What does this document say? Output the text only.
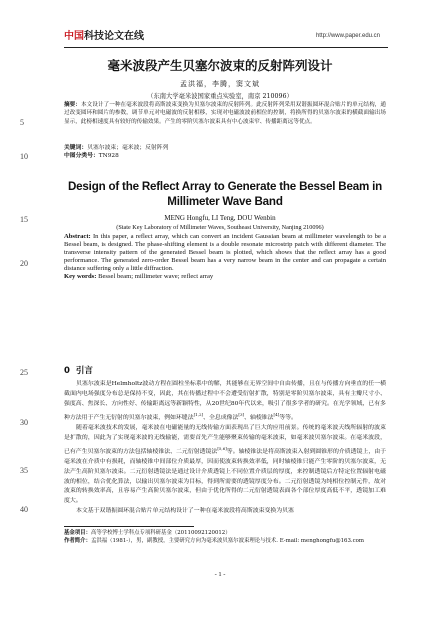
中国科技论文在线	http://www.paper.edu.cn
5
10
15
20
25
30
35
40
毫米波段产生贝塞尔波束的反射阵列设计
孟洪福，李腾，窦文斌
（东南大学毫米波国家重点实验室，南京 210096）
摘要：本文设计了一种在毫米波段将高斯波束变换为贝塞尔波束的反射阵列。此反射阵列采用双谐振圆环混合贴片的单元结构，通过改变圆环和圆片的参数，调节单元对电磁波的反射相移，实现对电磁波波前相位的控制，将换所得的贝塞尔波束的横截面输出场显示，此榜相速度具有较好的传输效果。产生的零阶贝塞尔波束具有中心波束窄、传播距离远等优点。
关键词：贝塞尔波束；毫米波；反射阵列
中图分类号：TN928
Design of the Reflect Array to Generate the Bessel Beam in
Millimeter Wave Band
MENG Hongfu, LI Teng, DOU Wenbin
(State Key Laboratory of Millimeter Waves, Southeast University, Nanjing 210096)
Abstract: In this paper, a reflect array, which can convert an incident Gaussian beam at millimeter wavelength to be a Bessel beam, is designed. The phase-shifting element is a double resonate microstrip patch with different diameter. The transverse intensity pattern of the generated Bessel beam is plotted, which shows that the reflect array has a good performance. The generated zero-order Bessel beam has a very narrow beam in the center and can propagate a certain distance suffering only a little diffraction.
Key words: Bessel beam; millimeter wave; reflect array
0 引言

贝塞尔波束是Helmholtz波动方程在圆柱坐标系中的解，其能够在无界空间中自由传播，且在与传播方向垂直的任一横截面内电场强度分布总是保持不变，因此，其在传播过程中不会遭受衍射扩散，特别是零阶贝塞尔波束，具有主瓣尺寸小、强度高、焦深长、方向性好、传输距离远等新颖特性，从20世纪80年代以来，吸引了很多学者的研究。在光学领域，已有多种方法用于产生无衍射的贝塞尔波束，例如环缝法[1,2]、全息成像法[3]、轴棱锥法[4]等等。

随着毫米波技术的发展，毫米波在电磁能量的无线传输方面表现出了巨大的应用前景。传统的毫米波天线所辐射的波束是扩散的，因此为了实现毫米波的无线输能，需要首先产生能够聚束传输的毫米波束，如毫米波贝塞尔波束。在毫米波段，已有产生贝塞尔波束的方法包括轴棱锥法、二元衍射透镜法[5,6]等。轴棱锥法是将高斯波束入射到圆锥形的介质透镜上，由于毫米波在介质中有损耗，而轴棱锥中间部位介质最厚，因而使波束转换效率低，同时轴棱锥只能产生零阶的贝塞尔波束，无法产生高阶贝塞尔波束。二元衍射透镜法是通过设计介质透镜上不同位置介质层的厚度，来控制透镜后方特定位置辐射电磁波的相位，结合优化算法，以输出贝塞尔波束为目标，得到所需要的透镜厚度分布。二元衍射透镜为纯相位控制元件，故对波束的转换效率高，且容易产生高阶贝塞尔波束，但由于优化所得的二元衍射透镜表面各个部位厚度高低不平，透镜加工难度大。

本文基于双谐振圆环混合贴片单元结构设计了一种在毫米波段将高斯波束变换为贝塞

基金项目：高等学校博士学科点专项科研基金（20110092120012）
作者简介：孟洪福（1981-），男，副教授，主要研究方向为毫米波贝塞尔波束理论与技术. E-mail: menghongfu@163.com
- 1 -
